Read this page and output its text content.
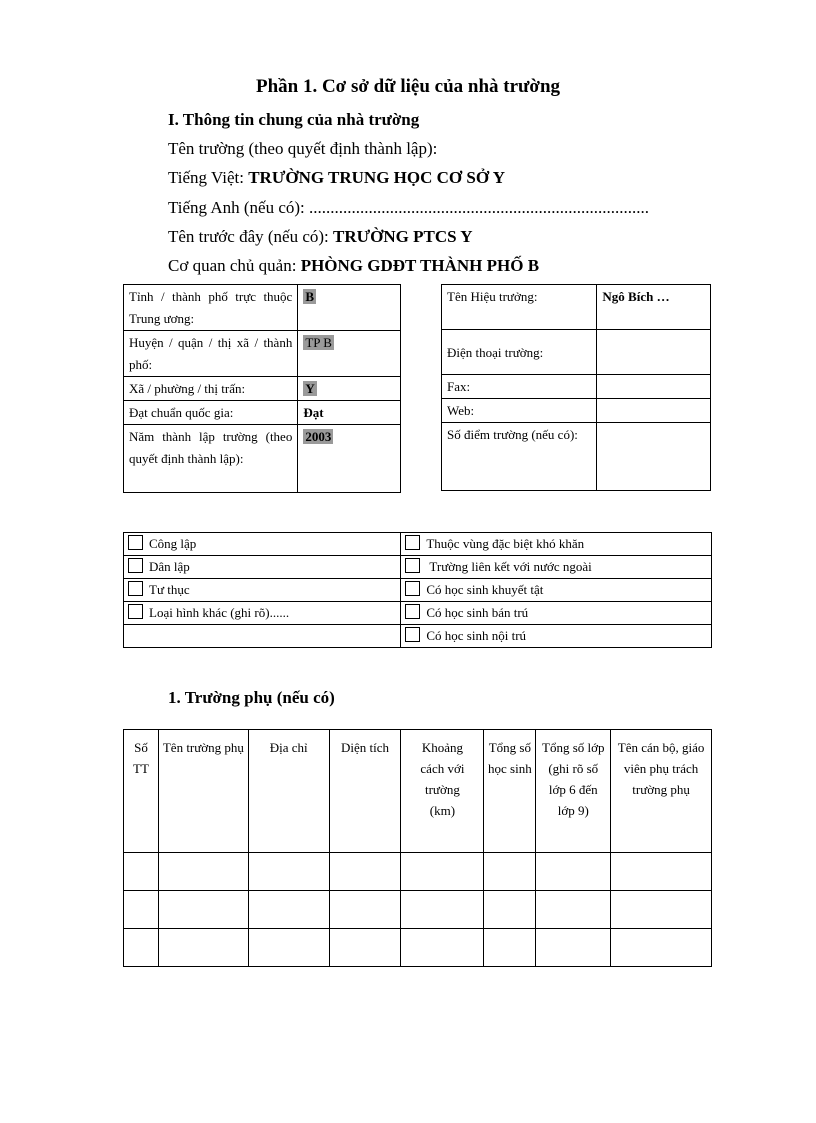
Phần 1. Cơ sở dữ liệu của nhà trường
I. Thông tin chung của nhà trường
Tên trường (theo quyết định thành lập):
Tiếng Việt: TRƯỜNG TRUNG HỌC CƠ SỞ Y
Tiếng Anh (nếu có): ................................................................................
Tên trước đây (nếu có): TRƯỜNG PTCS Y
Cơ quan chủ quản: PHÒNG GDĐT THÀNH PHỐ B
Tỉnh / thành phố trực thuộc Trung ương:	B
Huyện / quận / thị xã / thành phố:	TP B
Xã / phường / thị trấn:	Y
Đạt chuẩn quốc gia:	Đạt
Năm thành lập trường (theo quyết định thành lập):	2003
Tên Hiệu trưởng:	Ngô Bích …
Điện thoại trường:	
Fax:	
Web:	
Số điểm trường (nếu có):	
Công lập	Thuộc vùng đặc biệt khó khăn
Dân lập	Trường liên kết với nước ngoài
Tư thục	Có học sinh khuyết tật
Loại hình khác (ghi rõ)......	Có học sinh bán trú
	Có học sinh nội trú
1. Trường phụ (nếu có)
Số TT	Tên trường phụ	Địa chỉ	Diện tích	Khoảng cách với trường (km)	Tổng số học sinh	Tổng số lớp (ghi rõ số lớp 6 đến lớp 9)	Tên cán bộ, giáo viên phụ trách trường phụ
